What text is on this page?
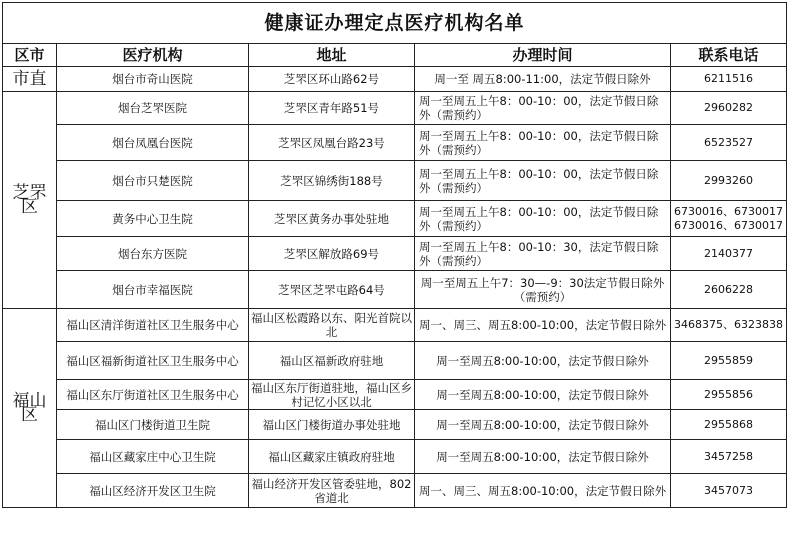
健康证办理定点医疗机构名单				
区市	医疗机构	地址	办理时间	联系电话
市直	烟台市奇山医院	芝罘区环山路62号	周一至 周五8:00-11:00，法定节假日除外	6211516
芝罘区	烟台芝罘医院	芝罘区青年路51号	周一至周五上午8：00-10：00，法定节假日除外（需预约）	2960282
	烟台凤凰台医院	芝罘区凤凰台路23号	周一至周五上午8：00-10：00，法定节假日除外（需预约）	6523527
	烟台市只楚医院	芝罘区锦绣街188号	周一至周五上午8：00-10：00，法定节假日除外（需预约）	2993260
	黄务中心卫生院	芝罘区黄务办事处驻地	周一至周五上午8：00-10：00，法定节假日除外（需预约）	6730016、6730017 6730016、6730017
	烟台东方医院	芝罘区解放路69号	周一至周五上午8：00-10：30，法定节假日除外（需预约）	2140377
	烟台市幸福医院	芝罘区芝罘屯路64号	周一至周五上午7：30—-9：30法定节假日除外（需预约）	2606228
福山区	福山区清洋街道社区卫生服务中心	福山区松霞路以东、阳光首院以北	周一、周三、周五8:00-10:00，法定节假日除外	3468375、6323838
	福山区福新街道社区卫生服务中心	福山区福新政府驻地	周一至周五8:00-10:00，法定节假日除外	2955859
	福山区东厅街道社区卫生服务中心	福山区东厅街道驻地，福山区乡村记忆小区以北	周一至周五8:00-10:00，法定节假日除外	2955856
	福山区门楼街道卫生院	福山区门楼街道办事处驻地	周一至周五8:00-10:00，法定节假日除外	2955868
	福山区藏家庄中心卫生院	福山区藏家庄镇政府驻地	周一至周五8:00-10:00，法定节假日除外	3457258
	福山区经济开发区卫生院	福山经济开发区管委驻地，802省道北	周一、周三、周五8:00-10:00，法定节假日除外	3457073
